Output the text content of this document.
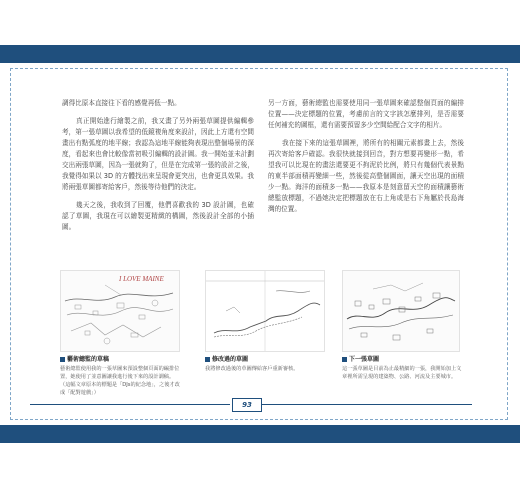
調得比原本直接往下看的感覺再低一點。

真正開始進行繪製之前，我又畫了另外兩張草圖提供編輯參考，第一張草圖以我希望的低鏡複角度來設計，因此上方還有空間畫出有點弧度的地平線；我認為這地平線能夠表現出整個場景的深度，看起來也會比較像當初吸引編輯的設計圖。我一開始並未計劃交出兩張草圖，因為一張就夠了，但是在完成第一張的設計之後，我覺得如果以 3D 的方體找出來呈現會更突出，也會更具效果。我將兩張草圖都寄給客戶，然後等待他們的決定。

幾天之後，我收到了回覆，他們喜歡我的 3D 設計圖，也確認了草圖，我現在可以繪製更精緻的構圖，然後設計全部的小插圖。

另一方面，藝術總監也需要使用同一張草圖來確認整個頁面的編排位置——決定標題的位置，考慮前言的文字該怎麼排列，是否需要任何補充的圖框，還有需要預留多少空間給配合文字的相片。

我在接下來的這張草圖裡，將所有的相關元素都畫上去，然後再次寄給客戶確認。我很快就接到回音，對方想要再變形一點，希望我可以比現在的畫法還要更不拘泥於比例，將只有幾個代表景點的東半部面積再變細一些，然後從高整個圖面，讓天空出現的面積少一點。海洋的面積多一點——我原本是刻意留天空的面積讓藝術總監放標題，不過她決定把標題放在右上角或是右下角屬於長島海灣的位置。

I LOVE MAINE
藝術總監的草稿
藝術總監使用我的一張草圖來預設整個頁面的編排位置，她使用了並意圖讓我進行後下來的設計調稿。
（這幅文章原本的標題是「DJs的紀念地」，之後才改成「配對遊戲」）
修改過的草圖
我將修改過後的草圖傳給客戶重新審核。
下一張草圖
這一張草圖是目前為止最精細的一張，我開始加上文章裡所需呈現的建築物、公路、河流及主要城市。
93
